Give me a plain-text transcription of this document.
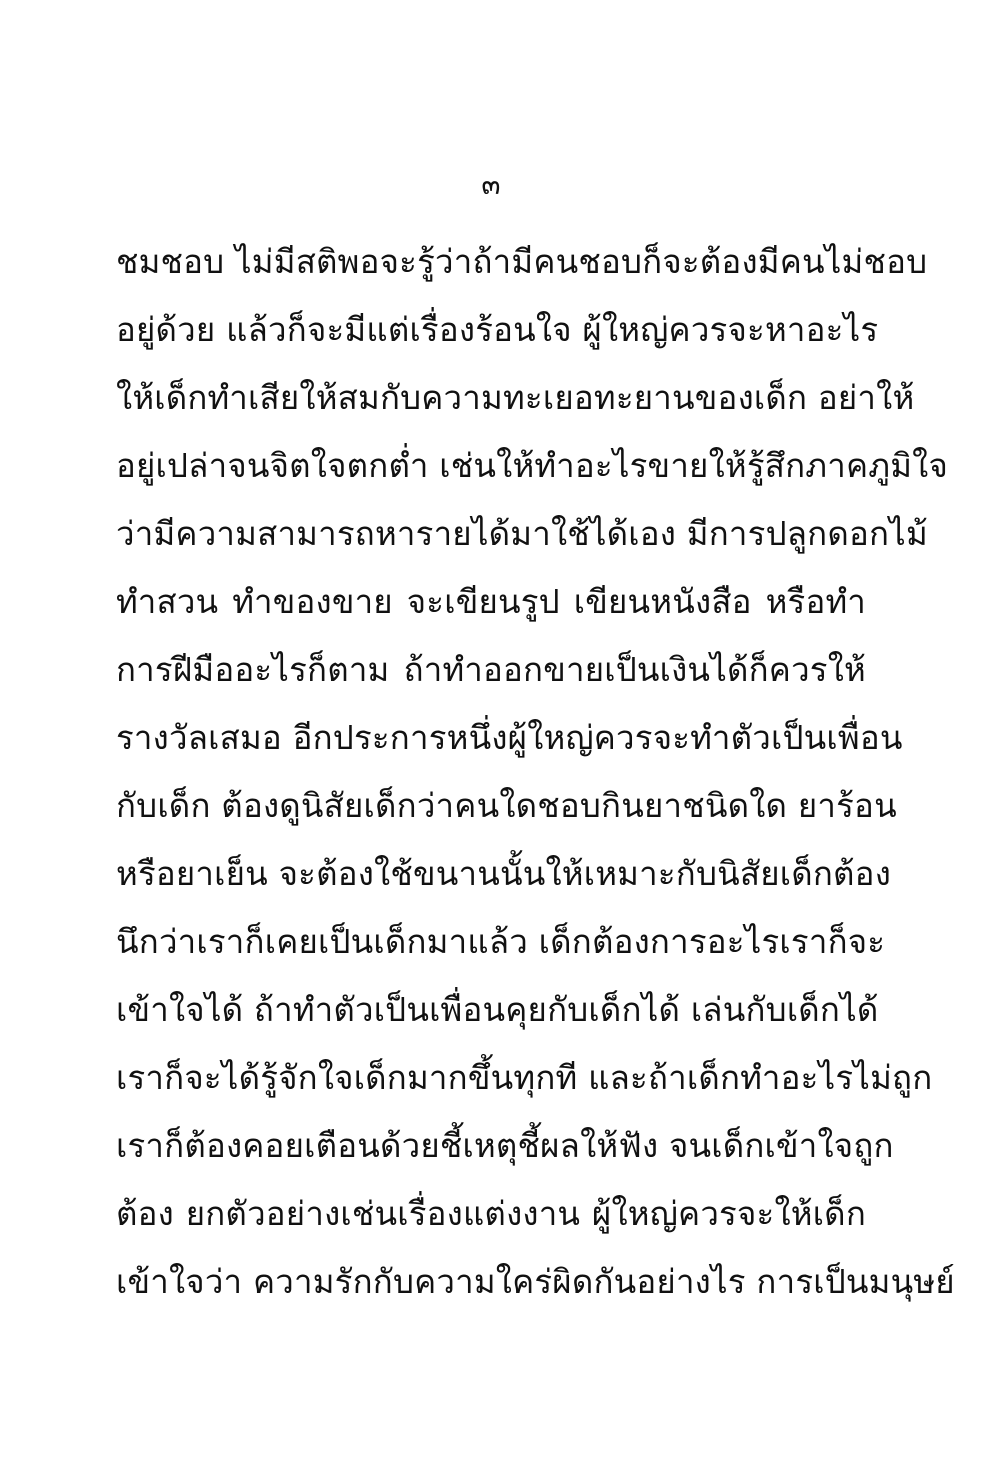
๓
ชมชอบ ไม่มีสติพอจะรู้ว่าถ้ามีคนชอบก็จะต้องมีคนไม่ชอบ
อยู่ด้วย แล้วก็จะมีแต่เรื่องร้อนใจ ผู้ใหญ่ควรจะหาอะไร
ให้เด็กทำเสียให้สมกับความทะเยอทะยานของเด็ก อย่าให้
อยู่เปล่าจนจิตใจตกต่ำ เช่นให้ทำอะไรขายให้รู้สึกภาคภูมิใจ
ว่ามีความสามารถหารายได้มาใช้ได้เอง มีการปลูกดอกไม้
ทำสวน ทำของขาย จะเขียนรูป เขียนหนังสือ หรือทำ
การฝีมืออะไรก็ตาม ถ้าทำออกขายเป็นเงินได้ก็ควรให้
รางวัลเสมอ อีกประการหนึ่งผู้ใหญ่ควรจะทำตัวเป็นเพื่อน
กับเด็ก ต้องดูนิสัยเด็กว่าคนใดชอบกินยาชนิดใด ยาร้อน
หรือยาเย็น จะต้องใช้ขนานนั้นให้เหมาะกับนิสัยเด็กต้อง
นึกว่าเราก็เคยเป็นเด็กมาแล้ว เด็กต้องการอะไรเราก็จะ
เข้าใจได้ ถ้าทำตัวเป็นเพื่อนคุยกับเด็กได้ เล่นกับเด็กได้
เราก็จะได้รู้จักใจเด็กมากขึ้นทุกที และถ้าเด็กทำอะไรไม่ถูก
เราก็ต้องคอยเตือนด้วยชี้เหตุชี้ผลให้ฟัง จนเด็กเข้าใจถูก
ต้อง ยกตัวอย่างเช่นเรื่องแต่งงาน ผู้ใหญ่ควรจะให้เด็ก
เข้าใจว่า ความรักกับความใคร่ผิดกันอย่างไร การเป็นมนุษย์
